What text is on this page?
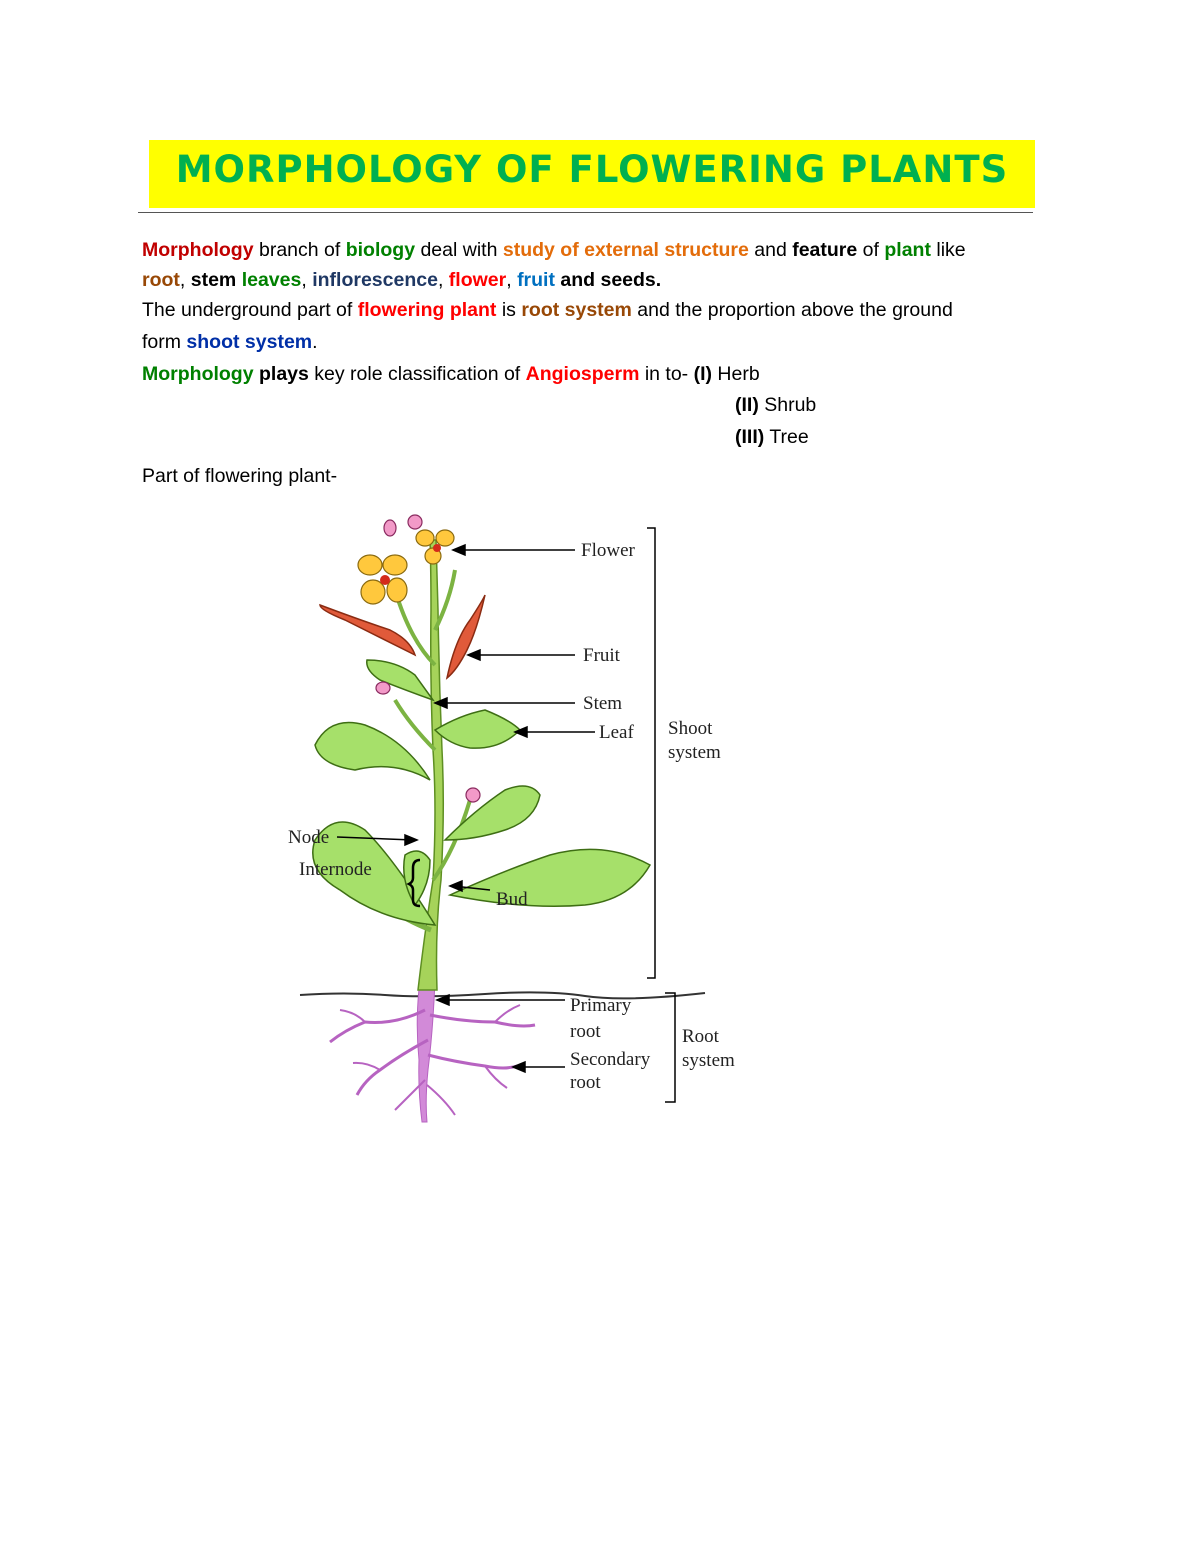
MORPHOLOGY OF FLOWERING PLANTS
Morphology branch of biology deal with study of external structure and feature of plant like
root, stem leaves, inflorescence, flower, fruit and seeds.
The underground part of flowering plant is root system and the proportion above the ground
form shoot system.
Morphology plays key role classification of Angiosperm in to- (I) Herb
(II) Shrub
(III) Tree
Part of flowering plant-
Flower
Fruit
Stem
Leaf Shoot
system
Node
Internode
Bud
Primary
root
Secondary
root
Root
system
